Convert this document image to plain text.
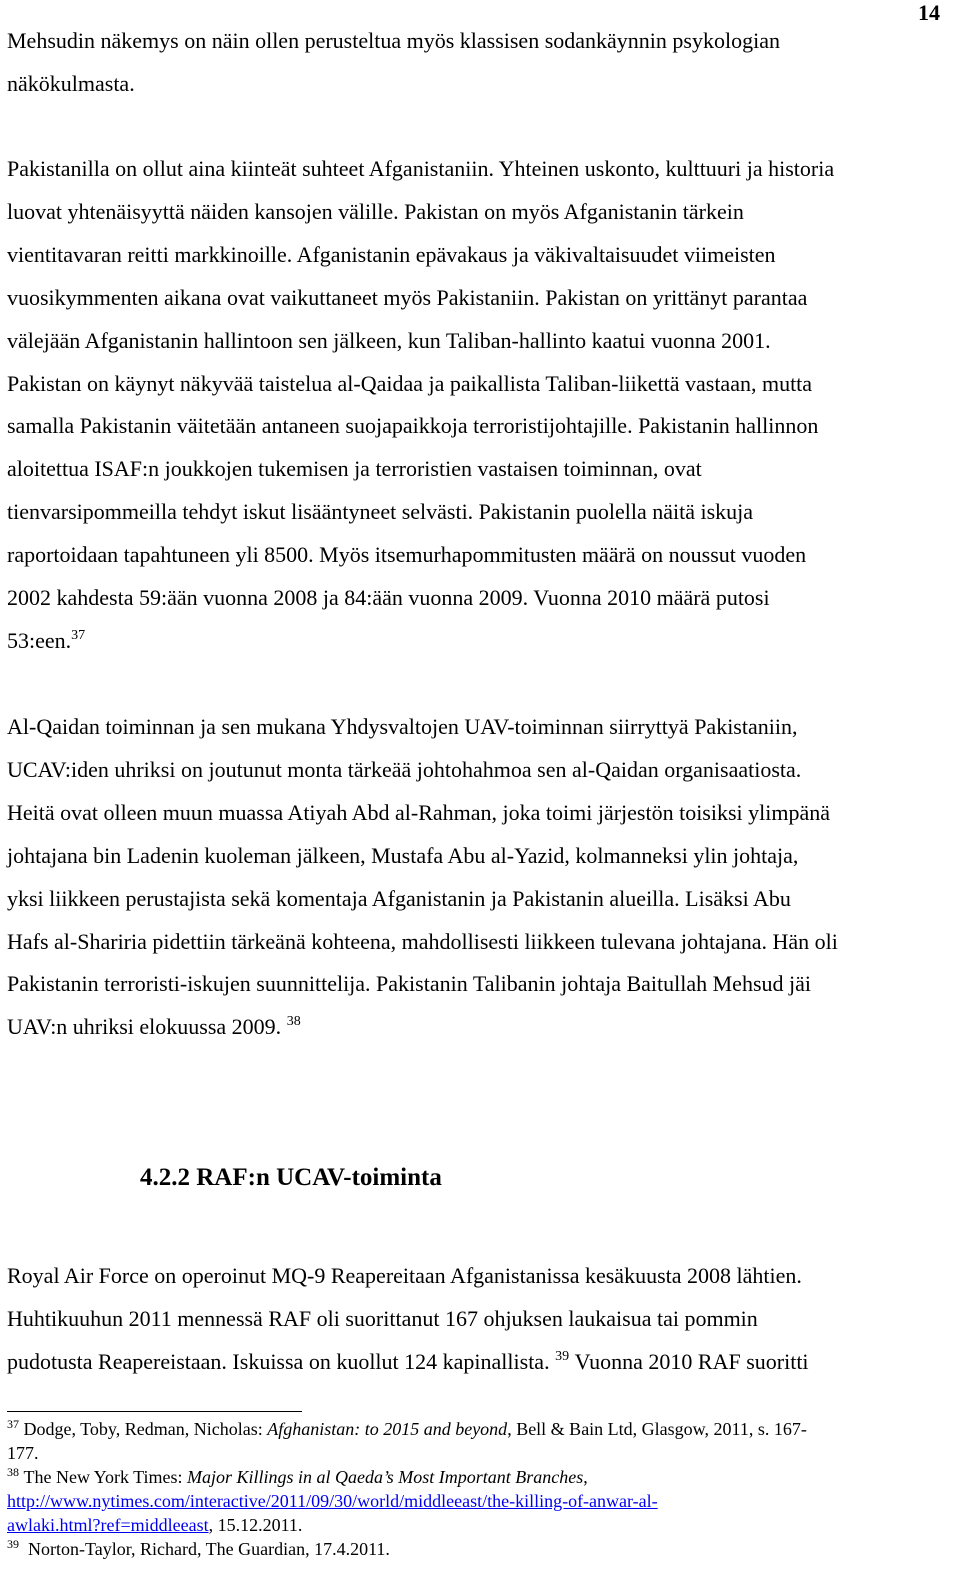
14

Mehsudin näkemys on näin ollen perusteltua myös klassisen sodankäynnin psykologian
näkökulmasta.

Pakistanilla on ollut aina kiinteät suhteet Afganistaniin. Yhteinen uskonto, kulttuuri ja historia
luovat yhtenäisyyttä näiden kansojen välille. Pakistan on myös Afganistanin tärkein
vientitavaran reitti markkinoille. Afganistanin epävakaus ja väkivaltaisuudet viimeisten
vuosikymmenten aikana ovat vaikuttaneet myös Pakistaniin. Pakistan on yrittänyt parantaa
välejään Afganistanin hallintoon sen jälkeen, kun Taliban-hallinto kaatui vuonna 2001.
Pakistan on käynyt näkyvää taistelua al-Qaidaa ja paikallista Taliban-liikettä vastaan, mutta
samalla Pakistanin väitetään antaneen suojapaikkoja terroristijohtajille. Pakistanin hallinnon
aloitettua ISAF:n joukkojen tukemisen ja terroristien vastaisen toiminnan, ovat
tienvarsipommeilla tehdyt iskut lisääntyneet selvästi. Pakistanin puolella näitä iskuja
raportoidaan tapahtuneen yli 8500. Myös itsemurhapommitusten määrä on noussut vuoden
2002 kahdesta 59:ään vuonna 2008 ja 84:ään vuonna 2009. Vuonna 2010 määrä putosi
53:een.$^{37}$

Al-Qaidan toiminnan ja sen mukana Yhdysvaltojen UAV-toiminnan siirryttyä Pakistaniin,
UCAV:iden uhriksi on joutunut monta tärkeää johtohahmoa sen al-Qaidan organisaatiosta.
Heitä ovat olleen muun muassa Atiyah Abd al-Rahman, joka toimi järjestön toisiksi ylimpänä
johtajana bin Ladenin kuoleman jälkeen, Mustafa Abu al-Yazid, kolmanneksi ylin johtaja,
yksi liikkeen perustajista sekä komentaja Afganistanin ja Pakistanin alueilla. Lisäksi Abu
Hafs al-Shariria pidettiin tärkeänä kohteena, mahdollisesti liikkeen tulevana johtajana. Hän oli
Pakistanin terroristi-iskujen suunnittelija. Pakistanin Talibanin johtaja Baitullah Mehsud jäi
UAV:n uhriksi elokuussa 2009. $^{38}$

4.2.2 RAF:n UCAV-toiminta

Royal Air Force on operoinut MQ-9 Reapereitaan Afganistanissa kesäkuusta 2008 lähtien.
Huhtikuuhun 2011 mennessä RAF oli suorittanut 167 ohjuksen laukaisua tai pommin
pudotusta Reapereistaan. Iskuissa on kuollut 124 kapinallista. $^{39}$ Vuonna 2010 RAF suoritti

$^{37}$ Dodge, Toby, Redman, Nicholas: Afghanistan: to 2015 and beyond, Bell & Bain Ltd, Glasgow, 2011, s. 167-
177.
$^{38}$ The New York Times: Major Killings in al Qaeda’s Most Important Branches,
http://www.nytimes.com/interactive/2011/09/30/world/middleeast/the-killing-of-anwar-al-
awlaki.html?ref=middleeast, 15.12.2011.
$^{39}$ Norton-Taylor, Richard, The Guardian, 17.4.2011.
